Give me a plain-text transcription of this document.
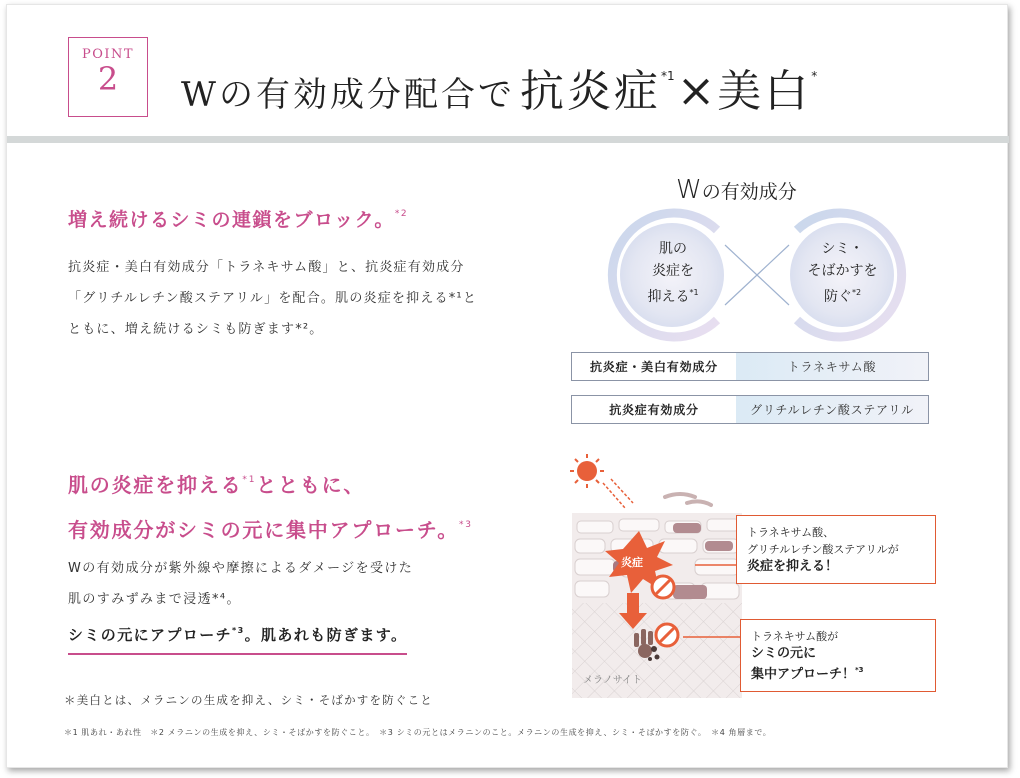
POINT
2	Wの有効成分配合で 抗炎症$^{*1}$×美白*
増え続けるシミの連鎖をブロック。$^{*2}$
抗炎症・美白有効成分「トラネキサム酸」と、抗炎症有効成分
「グリチルレチン酸ステアリル」を配合。肌の炎症を抑える*¹と
ともに、増え続けるシミも防ぎます*²。
Wの有効成分
肌の
炎症を
抑える$^{*1}$
シミ・
そばかすを
防ぐ$^{*2}$
抗炎症・美白有効成分	トラネキサム酸
抗炎症有効成分	グリチルレチン酸ステアリル
肌の炎症を抑える$^{*1}$とともに、
有効成分がシミの元に集中アプローチ。$^{*3}$
Wの有効成分が紫外線や摩擦によるダメージを受けた
肌のすみずみまで浸透*⁴。
シミの元にアプローチ$^{*3}$。肌あれも防ぎます。
炎症
メラノサイト
トラネキサム酸、
グリチルレチン酸ステアリルが
炎症を抑える！
トラネキサム酸が
シミの元に
集中アプローチ！$^{*3}$
＊美白とは、メラニンの生成を抑え、シミ・そばかすを防ぐこと
＊1 肌あれ・あれ性　＊2 メラニンの生成を抑え、シミ・そばかすを防ぐこと。　＊3 シミの元とはメラニンのこと。メラニンの生成を抑え、シミ・そばかすを防ぐ。　＊4 角層まで。
